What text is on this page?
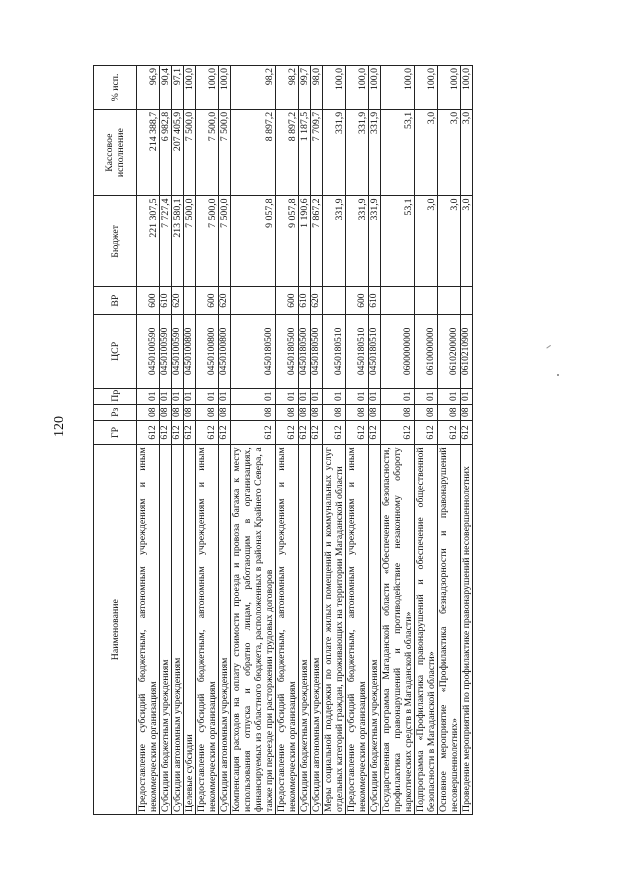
120
Наименование	ГР	Рз	Пр	ЦСР	ВР	Бюджет	Кассовое исполнение	% исп.
Предоставление субсидий бюджетным, автономным учреждениям и иным некоммерческим организациям	612	08	01	0450100590	600	221 307,5	214 388,7	96,9
Субсидии бюджетным учреждениям	612	08	01	0450100590	610	7 727,4	6 982,8	90,4
Субсидии автономным учреждениям	612	08	01	0450100590	620	213 580,1	207 405,9	97,1
Целевые субсидии	612	08	01	0450100800		7 500,0	7 500,0	100,0
Предоставление субсидий бюджетным, автономным учреждениям и иным некоммерческим организациям	612	08	01	0450100800	600	7 500,0	7 500,0	100,0
Субсидии автономным учреждениям	612	08	01	0450100800	620	7 500,0	7 500,0	100,0
Компенсация расходов на оплату стоимости проезда и провоза багажа к месту использования отпуска и обратно лицам, работающим в организациях, финансируемых из областного бюджета, расположенных в районах Крайнего Севера, а также при переезде при расторжении трудовых договоров	612	08	01	0450180500		9 057,8	8 897,2	98,2
Предоставление субсидий бюджетным, автономным учреждениям и иным некоммерческим организациям	612	08	01	0450180500	600	9 057,8	8 897,2	98,2
Субсидии бюджетным учреждениям	612	08	01	0450180500	610	1 190,6	1 187,5	99,7
Субсидии автономным учреждениям	612	08	01	0450180500	620	7 867,2	7 709,7	98,0
Меры социальной поддержки по оплате жилых помещений и коммунальных услуг отдельных категорий граждан, проживающих на территории Магаданской области	612	08	01	0450180510		331,9	331,9	100,0
Предоставление субсидий бюджетным, автономным учреждениям и иным некоммерческим организациям	612	08	01	0450180510	600	331,9	331,9	100,0
Субсидии бюджетным учреждениям	612	08	01	0450180510	610	331,9	331,9	100,0
Государственная программа Магаданской области «Обеспечение безопасности, профилактика правонарушений и противодействие незаконному обороту наркотических средств в Магаданской области»	612	08	01	0600000000		53,1	53,1	100,0
Подпрограмма «Профилактика правонарушений и обеспечение общественной безопасности в Магаданской области»	612	08	01	0610000000		3,0	3,0	100,0
Основное мероприятие «Профилактика безнадзорности и правонарушений несовершеннолетних»	612	08	01	0610200000		3,0	3,0	100,0
Проведение мероприятий по профилактике правонарушений несовершеннолетних	612	08	01	0610210900		3,0	3,0	100,0
